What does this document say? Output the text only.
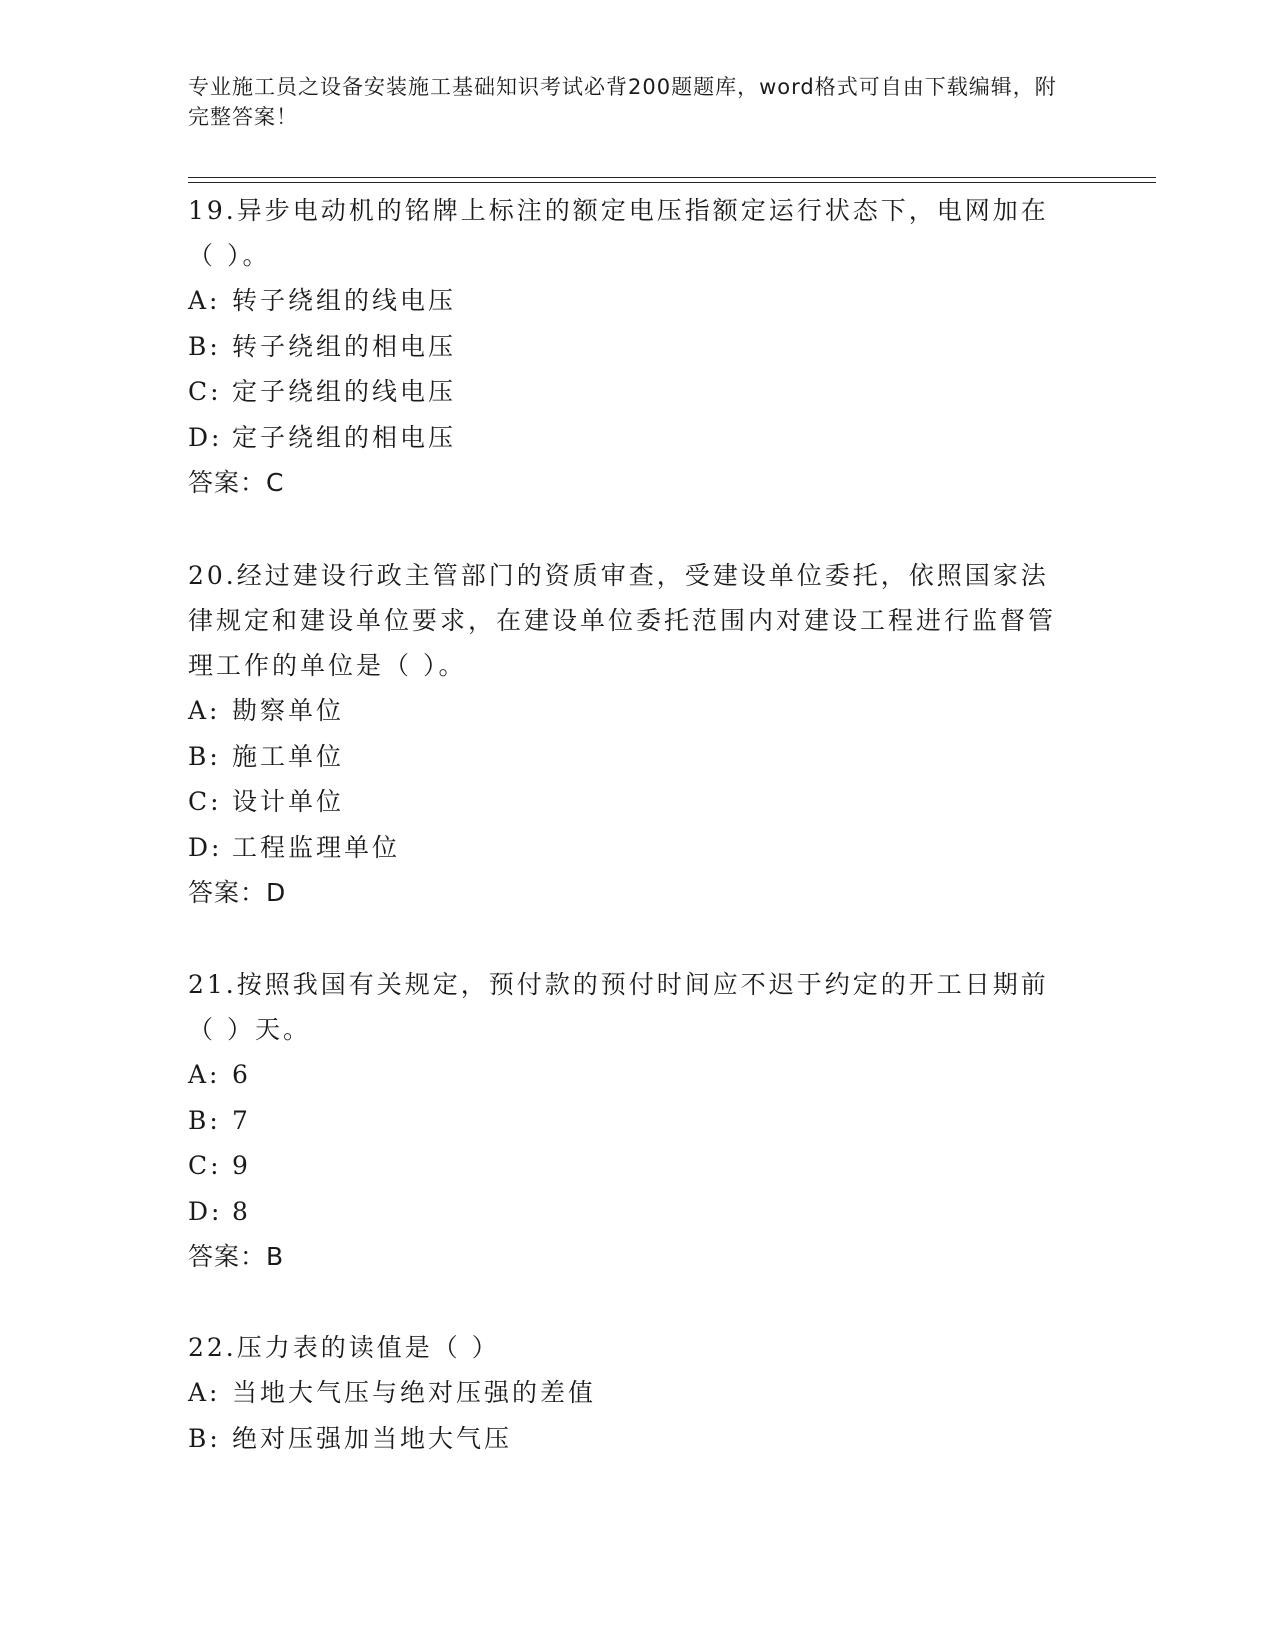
专业施工员之设备安装施工基础知识考试必背200题题库，word格式可自由下载编辑，附完整答案！
19.异步电动机的铭牌上标注的额定电压指额定运行状态下，电网加在（ ）。
A: 转子绕组的线电压
B: 转子绕组的相电压
C: 定子绕组的线电压
D: 定子绕组的相电压
答案：C
20.经过建设行政主管部门的资质审查，受建设单位委托，依照国家法律规定和建设单位要求，在建设单位委托范围内对建设工程进行监督管理工作的单位是（ ）。
A: 勘察单位
B: 施工单位
C: 设计单位
D: 工程监理单位
答案：D
21.按照我国有关规定，预付款的预付时间应不迟于约定的开工日期前（ ）天。
A: 6
B: 7
C: 9
D: 8
答案：B
22.压力表的读值是（ ）
A: 当地大气压与绝对压强的差值
B: 绝对压强加当地大气压
